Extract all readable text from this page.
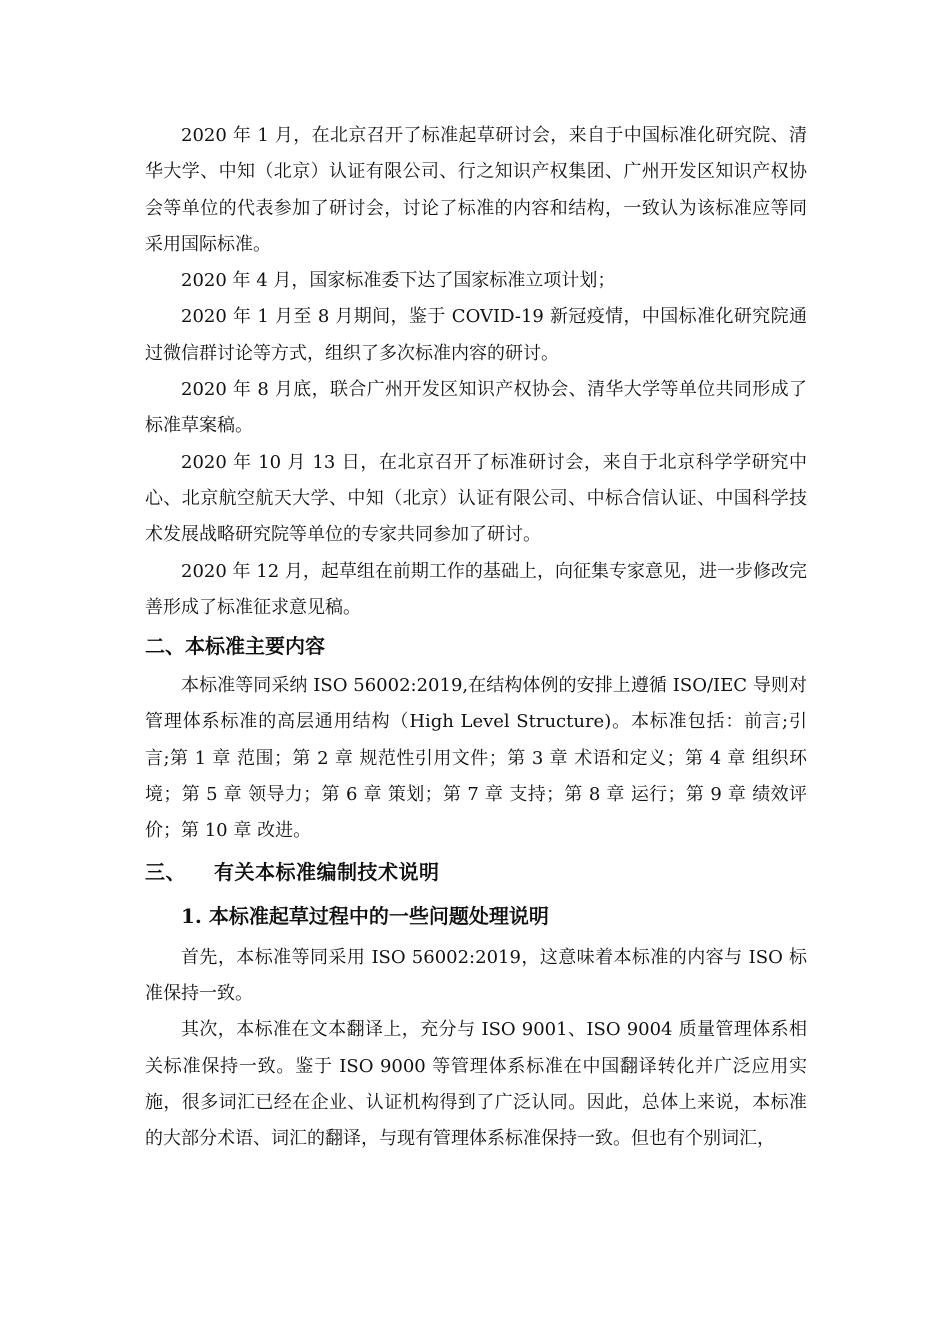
2020 年 1 月，在北京召开了标准起草研讨会，来自于中国标准化研究院、清华大学、中知（北京）认证有限公司、行之知识产权集团、广州开发区知识产权协会等单位的代表参加了研讨会，讨论了标准的内容和结构，一致认为该标准应等同采用国际标准。

2020 年 4 月，国家标准委下达了国家标准立项计划；

2020 年 1 月至 8 月期间，鉴于 COVID-19 新冠疫情，中国标准化研究院通过微信群讨论等方式，组织了多次标准内容的研讨。

2020 年 8 月底，联合广州开发区知识产权协会、清华大学等单位共同形成了标准草案稿。

2020 年 10 月 13 日，在北京召开了标准研讨会，来自于北京科学学研究中心、北京航空航天大学、中知（北京）认证有限公司、中标合信认证、中国科学技术发展战略研究院等单位的专家共同参加了研讨。

2020 年 12 月，起草组在前期工作的基础上，向征集专家意见，进一步修改完善形成了标准征求意见稿。

二、本标准主要内容

本标准等同采纳 ISO 56002:2019,在结构体例的安排上遵循 ISO/IEC 导则对管理体系标准的高层通用结构（High Level Structure)。本标准包括：前言;引言;第 1 章 范围；第 2 章 规范性引用文件；第 3 章 术语和定义；第 4 章 组织环境；第 5 章 领导力；第 6 章 策划；第 7 章 支持；第 8 章 运行；第 9 章 绩效评价；第 10 章 改进。

三、 有关本标准编制技术说明
1. 本标准起草过程中的一些问题处理说明

首先，本标准等同采用 ISO 56002:2019，这意味着本标准的内容与 ISO 标准保持一致。

其次，本标准在文本翻译上，充分与 ISO 9001、ISO 9004 质量管理体系相关标准保持一致。鉴于 ISO 9000 等管理体系标准在中国翻译转化并广泛应用实施，很多词汇已经在企业、认证机构得到了广泛认同。因此，总体上来说，本标准的大部分术语、词汇的翻译，与现有管理体系标准保持一致。但也有个别词汇，
